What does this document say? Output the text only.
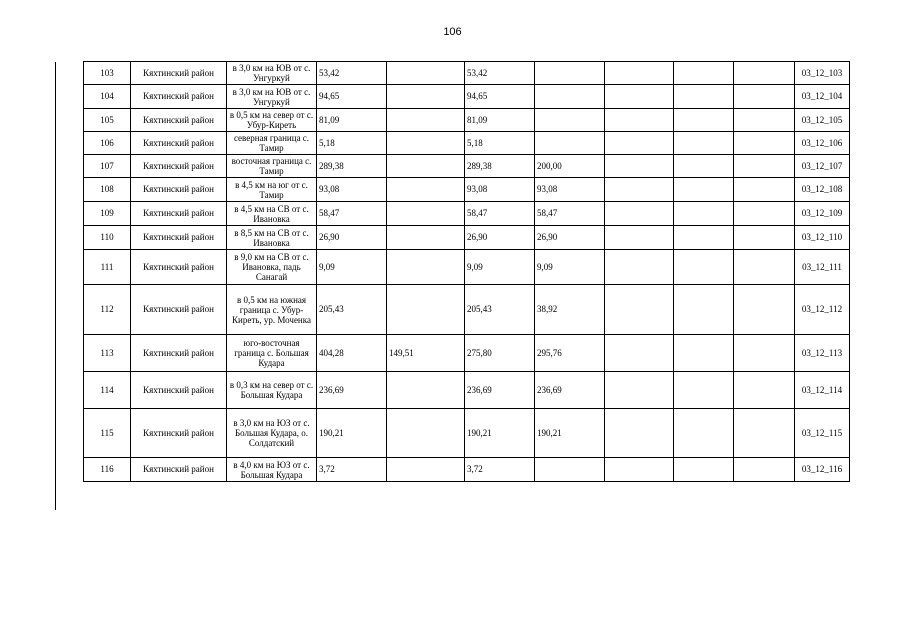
106
103	Кяхтинский район	в 3,0 км на ЮВ от с. Унгуркуй	53,42		53,42					03_12_103
104	Кяхтинский район	в 3,0 км на ЮВ от с. Унгуркуй	94,65		94,65					03_12_104
105	Кяхтинский район	в 0,5 км на север от с. Убур-Киреть	81,09		81,09					03_12_105
106	Кяхтинский район	северная граница с. Тамир	5,18		5,18					03_12_106
107	Кяхтинский район	восточная граница с. Тамир	289,38		289,38	200,00				03_12_107
108	Кяхтинский район	в 4,5 км на юг от с. Тамир	93,08		93,08	93,08				03_12_108
109	Кяхтинский район	в 4,5 км на СВ от с. Ивановка	58,47		58,47	58,47				03_12_109
110	Кяхтинский район	в 8,5 км на СВ от с. Ивановка	26,90		26,90	26,90				03_12_110
111	Кяхтинский район	в 9,0 км на СВ от с. Ивановка, падь Санагай	9,09		9,09	9,09				03_12_111
112	Кяхтинский район	в 0,5 км на южная граница с. Убур-Киреть, ур. Моченка	205,43		205,43	38,92				03_12_112
113	Кяхтинский район	юго-восточная граница с. Большая Кудара	404,28	149,51	275,80	295,76				03_12_113
114	Кяхтинский район	в 0,3 км на север от с. Большая Кудара	236,69		236,69	236,69				03_12_114
115	Кяхтинский район	в 3,0 км на ЮЗ от с. Большая Кудара, о. Солдатский	190,21		190,21	190,21				03_12_115
116	Кяхтинский район	в 4,0 км на ЮЗ от с. Большая Кудара	3,72		3,72					03_12_116
